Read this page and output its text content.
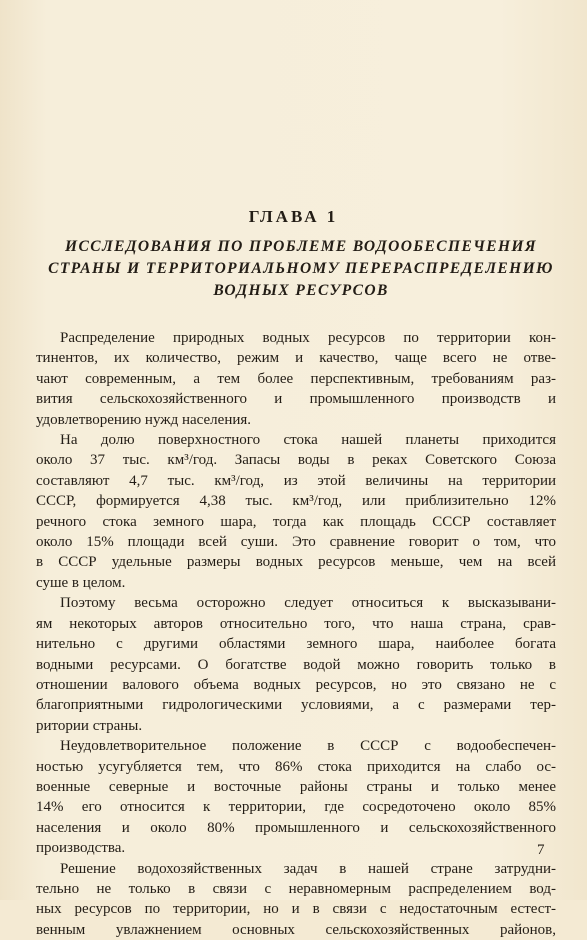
ГЛАВА 1
ИССЛЕДОВАНИЯ ПО ПРОБЛЕМЕ ВОДООБЕСПЕЧЕНИЯ
СТРАНЫ И ТЕРРИТОРИАЛЬНОМУ ПЕРЕРАСПРЕДЕЛЕНИЮ
ВОДНЫХ РЕСУРСОВ
Распределение природных водных ресурсов по территории кон-
тинентов, их количество, режим и качество, чаще всего не отве-
чают современным, а тем более перспективным, требованиям раз-
вития сельскохозяйственного и промышленного производств и
удовлетворению нужд населения.
На долю поверхностного стока нашей планеты приходится
около 37 тыс. км³/год. Запасы воды в реках Советского Союза
составляют 4,7 тыс. км³/год, из этой величины на территории
СССР, формируется 4,38 тыс. км³/год, или приблизительно 12%
речного стока земного шара, тогда как площадь СССР составляет
около 15% площади всей суши. Это сравнение говорит о том, что
в СССР удельные размеры водных ресурсов меньше, чем на всей
суше в целом.
Поэтому весьма осторожно следует относиться к высказывани-
ям некоторых авторов относительно того, что наша страна, срав-
нительно с другими областями земного шара, наиболее богата
водными ресурсами. О богатстве водой можно говорить только в
отношении валового объема водных ресурсов, но это связано не с
благоприятными гидрологическими условиями, а с размерами тер-
ритории страны.
Неудовлетворительное положение в СССР с водообеспечен-
ностью усугубляется тем, что 86% стока приходится на слабо ос-
военные северные и восточные районы страны и только менее
14% его относится к территории, где сосредоточено около 85%
населения и около 80% промышленного и сельскохозяйственного
производства.
Решение водохозяйственных задач в нашей стране затрудни-
тельно не только в связи с неравномерным распределением вод-
ных ресурсов по территории, но и в связи с недостаточным естест-
венным увлажнением основных сельскохозяйственных районов,

7
